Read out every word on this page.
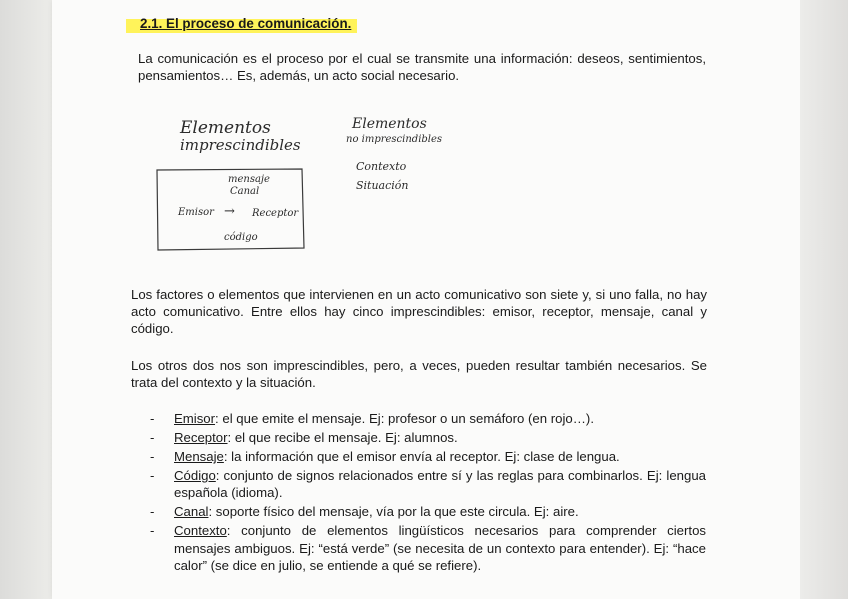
2.1. El proceso de comunicación.

La comunicación es el proceso por el cual se transmite una información: deseos, sentimientos, pensamientos… Es, además, un acto social necesario.

Elementos
imprescindibles
Elementos
no imprescindibles
mensaje
Canal
Emisor → Receptor
código
Contexto
Situación

Los factores o elementos que intervienen en un acto comunicativo son siete y, si uno falla, no hay acto comunicativo. Entre ellos hay cinco imprescindibles: emisor, receptor, mensaje, canal y código.

Los otros dos nos son imprescindibles, pero, a veces, pueden resultar también necesarios. Se trata del contexto y la situación.

- Emisor: el que emite el mensaje. Ej: profesor o un semáforo (en rojo…).
- Receptor: el que recibe el mensaje. Ej: alumnos.
- Mensaje: la información que el emisor envía al receptor. Ej: clase de lengua.
- Código: conjunto de signos relacionados entre sí y las reglas para combinarlos. Ej: lengua española (idioma).
- Canal: soporte físico del mensaje, vía por la que este circula. Ej: aire.
- Contexto: conjunto de elementos lingüísticos necesarios para comprender ciertos mensajes ambiguos. Ej: “está verde” (se necesita de un contexto para entender). Ej: “hace calor” (se dice en julio, se entiende a qué se refiere).
